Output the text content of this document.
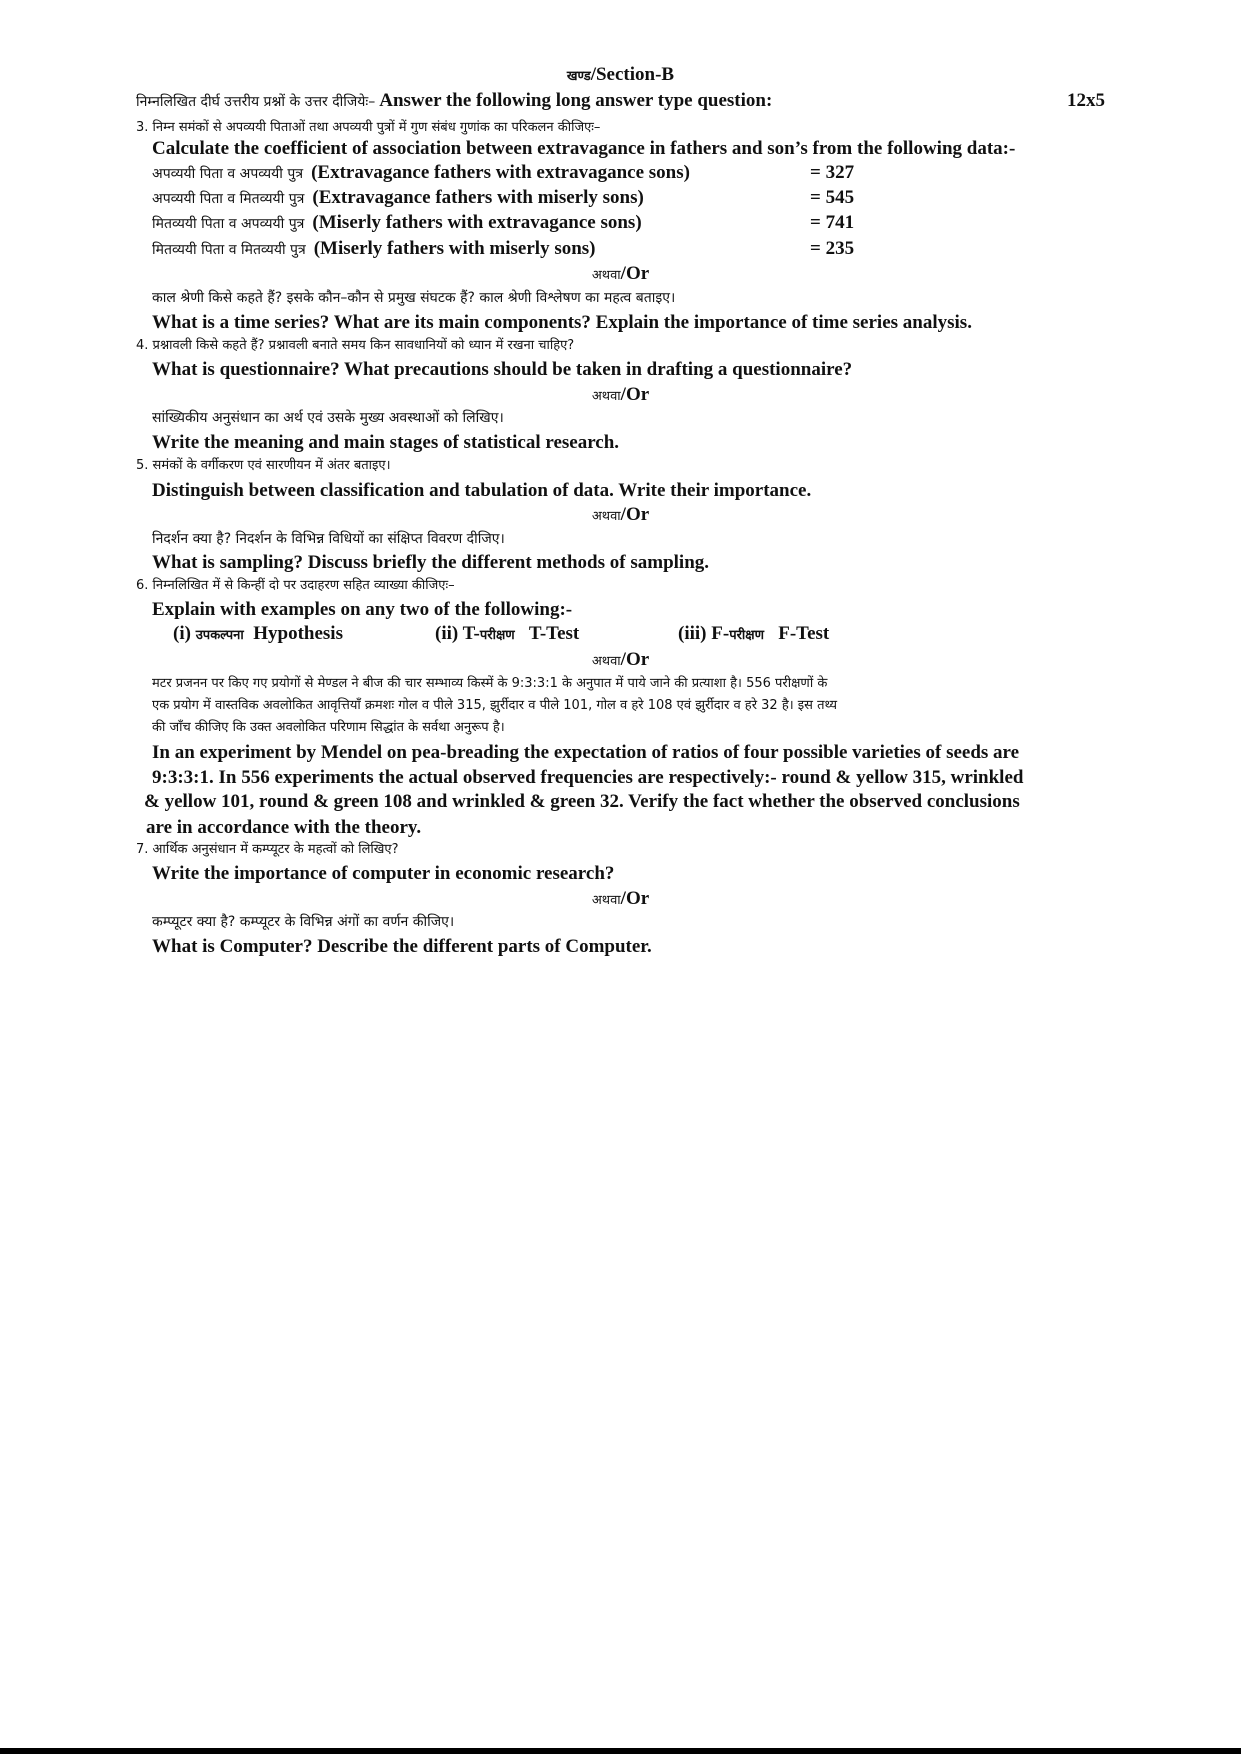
खण्ड/Section-B
निम्नलिखित दीर्घ उत्तरीय प्रश्नों के उत्तर दीजियेः– Answer the following long answer type question:	12x5
3. निम्न समंकों से अपव्ययी पिताओं तथा अपव्ययी पुत्रों में गुण संबंध गुणांक का परिकलन कीजिएः–
Calculate the coefficient of association between extravagance in fathers and son’s from the following data:-
अपव्ययी पिता व अपव्ययी पुत्र (Extravagance fathers with extravagance sons)	= 327
अपव्ययी पिता व मितव्ययी पुत्र (Extravagance fathers with miserly sons)	= 545
मितव्ययी पिता व अपव्ययी पुत्र (Miserly fathers with extravagance sons)	= 741
मितव्ययी पिता व मितव्ययी पुत्र (Miserly fathers with miserly sons)	= 235
अथवा/Or
काल श्रेणी किसे कहते हैं? इसके कौन–कौन से प्रमुख संघटक हैं? काल श्रेणी विश्लेषण का महत्व बताइए।
What is a time series? What are its main components? Explain the importance of time series analysis.
4. प्रश्नावली किसे कहते हैं? प्रश्नावली बनाते समय किन सावधानियों को ध्यान में रखना चाहिए?
What is questionnaire? What precautions should be taken in drafting a questionnaire?
अथवा/Or
सांख्यिकीय अनुसंधान का अर्थ एवं उसके मुख्य अवस्थाओं को लिखिए।
Write the meaning and main stages of statistical research.
5. समंकों के वर्गीकरण एवं सारणीयन में अंतर बताइए।
Distinguish between classification and tabulation of data. Write their importance.
अथवा/Or
निदर्शन क्या है? निदर्शन के विभिन्न विधियों का संक्षिप्त विवरण दीजिए।
What is sampling? Discuss briefly the different methods of sampling.
6. निम्नलिखित में से किन्हीं दो पर उदाहरण सहित व्याख्या कीजिएः–
Explain with examples on any two of the following:-
(i) उपकल्पना Hypothesis	(ii) T-परीक्षण T-Test	(iii) F-परीक्षण F-Test
अथवा/Or
मटर प्रजनन पर किए गए प्रयोगों से मेण्डल ने बीज की चार सम्भाव्य किस्में के 9:3:3:1 के अनुपात में पाये जाने की प्रत्याशा है। 556 परीक्षणों के
एक प्रयोग में वास्तविक अवलोकित आवृत्तियाँ क्रमशः गोल व पीले 315, झुर्रीदार व पीले 101, गोल व हरे 108 एवं झुर्रीदार व हरे 32 है। इस तथ्य
की जाँच कीजिए कि उक्त अवलोकित परिणाम सिद्धांत के सर्वथा अनुरूप है।
In an experiment by Mendel on pea-breading the expectation of ratios of four possible varieties of seeds are
9:3:3:1. In 556 experiments the actual observed frequencies are respectively:- round & yellow 315, wrinkled
& yellow 101, round & green 108 and wrinkled & green 32. Verify the fact whether the observed conclusions
are in accordance with the theory.
7. आर्थिक अनुसंधान में कम्प्यूटर के महत्वों को लिखिए?
Write the importance of computer in economic research?
अथवा/Or
कम्प्यूटर क्या है? कम्प्यूटर के विभिन्न अंगों का वर्णन कीजिए।
What is Computer? Describe the different parts of Computer.
